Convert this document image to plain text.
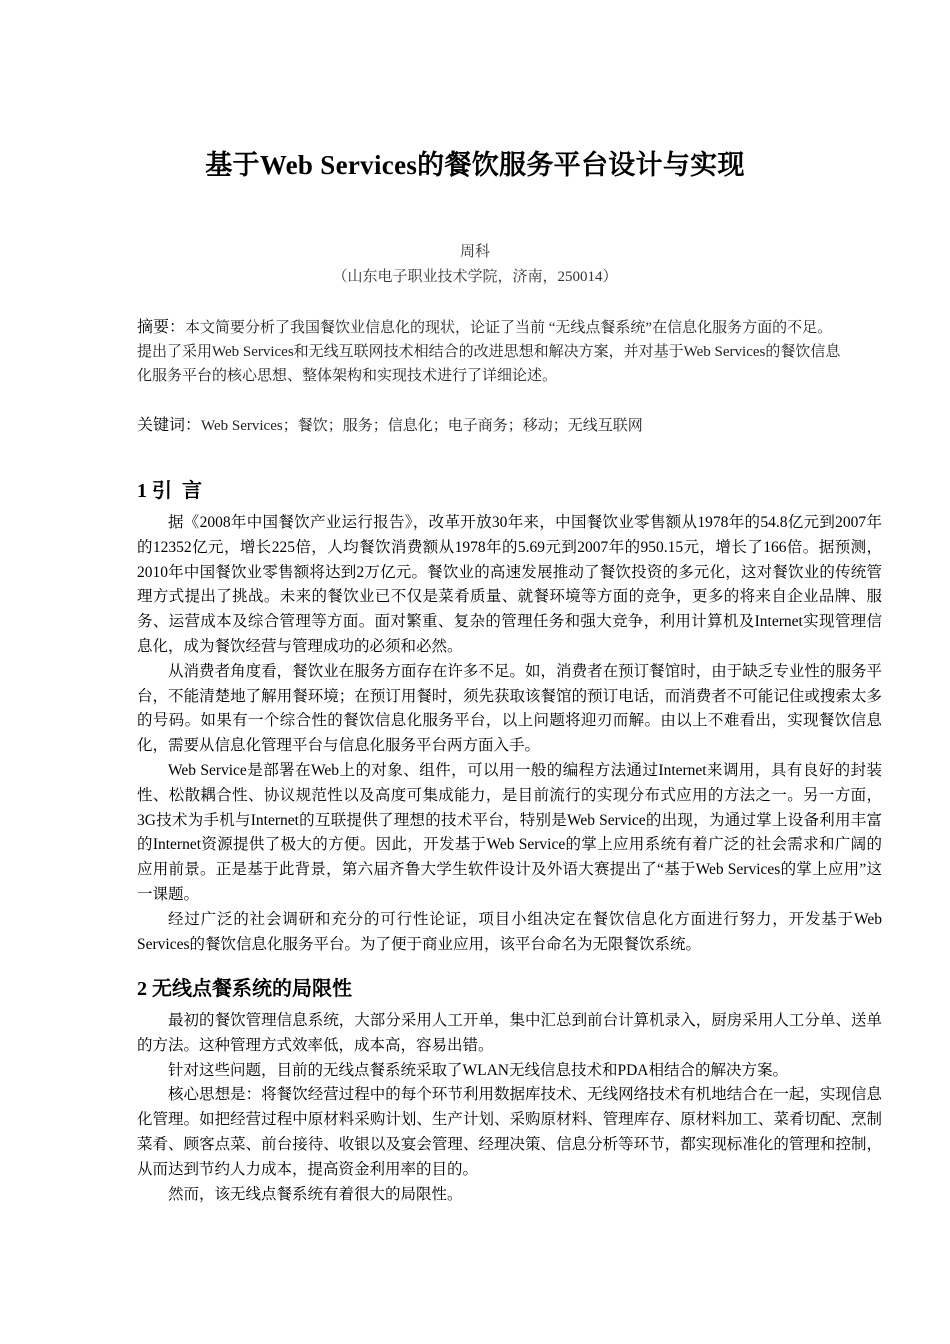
基于Web Services的餐饮服务平台设计与实现
周科
（山东电子职业技术学院，济南，250014）
摘要：本文简要分析了我国餐饮业信息化的现状，论证了当前 “无线点餐系统”在信息化服务方面的不足。提出了采用Web Services和无线互联网技术相结合的改进思想和解决方案，并对基于Web Services的餐饮信息化服务平台的核心思想、整体架构和实现技术进行了详细论述。
关键词：Web Services；餐饮；服务；信息化；电子商务；移动；无线互联网
1 引  言

据《2008年中国餐饮产业运行报告》，改革开放30年来，中国餐饮业零售额从1978年的54.8亿元到2007年的12352亿元，增长225倍，人均餐饮消费额从1978年的5.69元到2007年的950.15元，增长了166倍。据预测，2010年中国餐饮业零售额将达到2万亿元。餐饮业的高速发展推动了餐饮投资的多元化，这对餐饮业的传统管理方式提出了挑战。未来的餐饮业已不仅是菜肴质量、就餐环境等方面的竞争，更多的将来自企业品牌、服务、运营成本及综合管理等方面。面对繁重、复杂的管理任务和强大竞争，利用计算机及Internet实现管理信息化，成为餐饮经营与管理成功的必须和必然。

从消费者角度看，餐饮业在服务方面存在许多不足。如，消费者在预订餐馆时，由于缺乏专业性的服务平台，不能清楚地了解用餐环境；在预订用餐时，须先获取该餐馆的预订电话，而消费者不可能记住或搜索太多的号码。如果有一个综合性的餐饮信息化服务平台，以上问题将迎刃而解。由以上不难看出，实现餐饮信息化，需要从信息化管理平台与信息化服务平台两方面入手。

Web Service是部署在Web上的对象、组件，可以用一般的编程方法通过Internet来调用，具有良好的封装性、松散耦合性、协议规范性以及高度可集成能力，是目前流行的实现分布式应用的方法之一。另一方面，3G技术为手机与Internet的互联提供了理想的技术平台，特别是Web Service的出现，为通过掌上设备利用丰富的Internet资源提供了极大的方便。因此，开发基于Web Service的掌上应用系统有着广泛的社会需求和广阔的应用前景。正是基于此背景，第六届齐鲁大学生软件设计及外语大赛提出了“基于Web Services的掌上应用”这一课题。

经过广泛的社会调研和充分的可行性论证，项目小组决定在餐饮信息化方面进行努力，开发基于Web Services的餐饮信息化服务平台。为了便于商业应用，该平台命名为无限餐饮系统。

2 无线点餐系统的局限性

最初的餐饮管理信息系统，大部分采用人工开单，集中汇总到前台计算机录入，厨房采用人工分单、送单的方法。这种管理方式效率低，成本高，容易出错。

针对这些问题，目前的无线点餐系统采取了WLAN无线信息技术和PDA相结合的解决方案。

核心思想是：将餐饮经营过程中的每个环节利用数据库技术、无线网络技术有机地结合在一起，实现信息化管理。如把经营过程中原材料采购计划、生产计划、采购原材料、管理库存、原材料加工、菜肴切配、烹制菜肴、顾客点菜、前台接待、收银以及宴会管理、经理决策、信息分析等环节，都实现标准化的管理和控制，从而达到节约人力成本，提高资金利用率的目的。

然而，该无线点餐系统有着很大的局限性。
